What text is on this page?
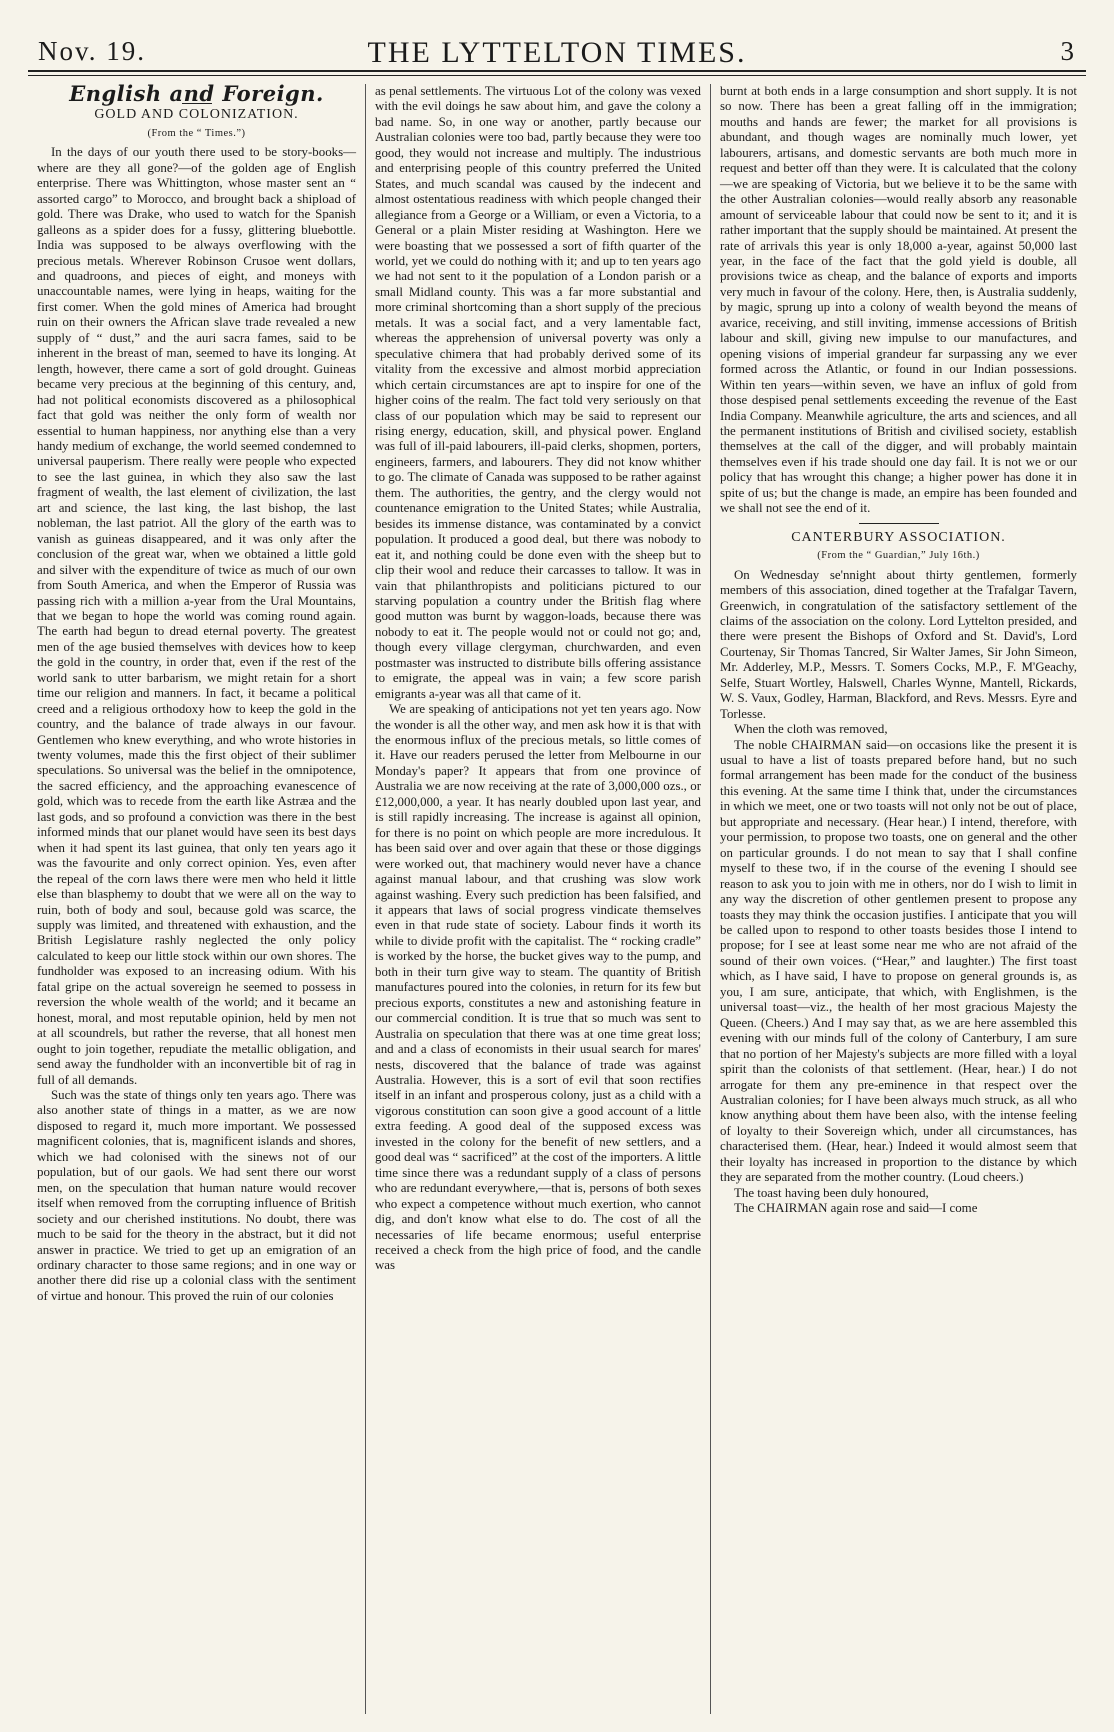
Nov. 19.	THE LYTTELTON TIMES.	3
English and Foreign.
GOLD AND COLONIZATION.
(From the “ Times.”)

In the days of our youth there used to be story-books—where are they all gone?—of the golden age of English enterprise. There was Whittington, whose master sent an “ assorted cargo” to Morocco, and brought back a shipload of gold. There was Drake, who used to watch for the Spanish galleons as a spider does for a fussy, glittering bluebottle. India was supposed to be always overflowing with the precious metals. Wherever Robinson Crusoe went dollars, and quadroons, and pieces of eight, and moneys with unaccountable names, were lying in heaps, waiting for the first comer. When the gold mines of America had brought ruin on their owners the African slave trade revealed a new supply of “ dust,” and the auri sacra fames, said to be inherent in the breast of man, seemed to have its longing. At length, however, there came a sort of gold drought. Guineas became very precious at the beginning of this century, and, had not political economists discovered as a philosophical fact that gold was neither the only form of wealth nor essential to human happiness, nor anything else than a very handy medium of exchange, the world seemed condemned to universal pauperism. There really were people who expected to see the last guinea, in which they also saw the last fragment of wealth, the last element of civilization, the last art and science, the last king, the last bishop, the last nobleman, the last patriot. All the glory of the earth was to vanish as guineas disappeared, and it was only after the conclusion of the great war, when we obtained a little gold and silver with the expenditure of twice as much of our own from South America, and when the Emperor of Russia was passing rich with a million a-year from the Ural Mountains, that we began to hope the world was coming round again. The earth had begun to dread eternal poverty. The greatest men of the age busied themselves with devices how to keep the gold in the country, in order that, even if the rest of the world sank to utter barbarism, we might retain for a short time our religion and manners. In fact, it became a political creed and a religious orthodoxy how to keep the gold in the country, and the balance of trade always in our favour. Gentlemen who knew everything, and who wrote histories in twenty volumes, made this the first object of their sublimer speculations. So universal was the belief in the omnipotence, the sacred efficiency, and the approaching evanescence of gold, which was to recede from the earth like Astræa and the last gods, and so profound a conviction was there in the best informed minds that our planet would have seen its best days when it had spent its last guinea, that only ten years ago it was the favourite and only correct opinion. Yes, even after the repeal of the corn laws there were men who held it little else than blasphemy to doubt that we were all on the way to ruin, both of body and soul, because gold was scarce, the supply was limited, and threatened with exhaustion, and the British Legislature rashly neglected the only policy calculated to keep our little stock within our own shores. The fundholder was exposed to an increasing odium. With his fatal gripe on the actual sovereign he seemed to possess in reversion the whole wealth of the world; and it became an honest, moral, and most reputable opinion, held by men not at all scoundrels, but rather the reverse, that all honest men ought to join together, repudiate the metallic obligation, and send away the fundholder with an inconvertible bit of rag in full of all demands.

Such was the state of things only ten years ago. There was also another state of things in a matter, as we are now disposed to regard it, much more important. We possessed magnificent colonies, that is, magnificent islands and shores, which we had colonised with the sinews not of our population, but of our gaols. We had sent there our worst men, on the speculation that human nature would recover itself when removed from the corrupting influence of British society and our cherished institutions. No doubt, there was much to be said for the theory in the abstract, but it did not answer in practice. We tried to get up an emigration of an ordinary character to those same regions; and in one way or another there did rise up a colonial class with the sentiment of virtue and honour. This proved the ruin of our colonies

as penal settlements. The virtuous Lot of the colony was vexed with the evil doings he saw about him, and gave the colony a bad name. So, in one way or another, partly because our Australian colonies were too bad, partly because they were too good, they would not increase and multiply. The industrious and enterprising people of this country preferred the United States, and much scandal was caused by the indecent and almost ostentatious readiness with which people changed their allegiance from a George or a William, or even a Victoria, to a General or a plain Mister residing at Washington. Here we were boasting that we possessed a sort of fifth quarter of the world, yet we could do nothing with it; and up to ten years ago we had not sent to it the population of a London parish or a small Midland county. This was a far more substantial and more criminal shortcoming than a short supply of the precious metals. It was a social fact, and a very lamentable fact, whereas the apprehension of universal poverty was only a speculative chimera that had probably derived some of its vitality from the excessive and almost morbid appreciation which certain circumstances are apt to inspire for one of the higher coins of the realm. The fact told very seriously on that class of our population which may be said to represent our rising energy, education, skill, and physical power. England was full of ill-paid labourers, ill-paid clerks, shopmen, porters, engineers, farmers, and labourers. They did not know whither to go. The climate of Canada was supposed to be rather against them. The authorities, the gentry, and the clergy would not countenance emigration to the United States; while Australia, besides its immense distance, was contaminated by a convict population. It produced a good deal, but there was nobody to eat it, and nothing could be done even with the sheep but to clip their wool and reduce their carcasses to tallow. It was in vain that philanthropists and politicians pictured to our starving population a country under the British flag where good mutton was burnt by waggon-loads, because there was nobody to eat it. The people would not or could not go; and, though every village clergyman, churchwarden, and even postmaster was instructed to distribute bills offering assistance to emigrate, the appeal was in vain; a few score parish emigrants a-year was all that came of it.

We are speaking of anticipations not yet ten years ago. Now the wonder is all the other way, and men ask how it is that with the enormous influx of the precious metals, so little comes of it. Have our readers perused the letter from Melbourne in our Monday's paper? It appears that from one province of Australia we are now receiving at the rate of 3,000,000 ozs., or £12,000,000, a year. It has nearly doubled upon last year, and is still rapidly increasing. The increase is against all opinion, for there is no point on which people are more incredulous. It has been said over and over again that these or those diggings were worked out, that machinery would never have a chance against manual labour, and that crushing was slow work against washing. Every such prediction has been falsified, and it appears that laws of social progress vindicate themselves even in that rude state of society. Labour finds it worth its while to divide profit with the capitalist. The “ rocking cradle” is worked by the horse, the bucket gives way to the pump, and both in their turn give way to steam. The quantity of British manufactures poured into the colonies, in return for its few but precious exports, constitutes a new and astonishing feature in our commercial condition. It is true that so much was sent to Australia on speculation that there was at one time great loss; and and a class of economists in their usual search for mares' nests, discovered that the balance of trade was against Australia. However, this is a sort of evil that soon rectifies itself in an infant and prosperous colony, just as a child with a vigorous constitution can soon give a good account of a little extra feeding. A good deal of the supposed excess was invested in the colony for the benefit of new settlers, and a good deal was “ sacrificed” at the cost of the importers. A little time since there was a redundant supply of a class of persons who are redundant everywhere,—that is, persons of both sexes who expect a competence without much exertion, who cannot dig, and don't know what else to do. The cost of all the necessaries of life became enormous; useful enterprise received a check from the high price of food, and the candle was

burnt at both ends in a large consumption and short supply. It is not so now. There has been a great falling off in the immigration; mouths and hands are fewer; the market for all provisions is abundant, and though wages are nominally much lower, yet labourers, artisans, and domestic servants are both much more in request and better off than they were. It is calculated that the colony—we are speaking of Victoria, but we believe it to be the same with the other Australian colonies—would really absorb any reasonable amount of serviceable labour that could now be sent to it; and it is rather important that the supply should be maintained. At present the rate of arrivals this year is only 18,000 a-year, against 50,000 last year, in the face of the fact that the gold yield is double, all provisions twice as cheap, and the balance of exports and imports very much in favour of the colony. Here, then, is Australia suddenly, by magic, sprung up into a colony of wealth beyond the means of avarice, receiving, and still inviting, immense accessions of British labour and skill, giving new impulse to our manufactures, and opening visions of imperial grandeur far surpassing any we ever formed across the Atlantic, or found in our Indian possessions. Within ten years—within seven, we have an influx of gold from those despised penal settlements exceeding the revenue of the East India Company. Meanwhile agriculture, the arts and sciences, and all the permanent institutions of British and civilised society, establish themselves at the call of the digger, and will probably maintain themselves even if his trade should one day fail. It is not we or our policy that has wrought this change; a higher power has done it in spite of us; but the change is made, an empire has been founded and we shall not see the end of it.

CANTERBURY ASSOCIATION.
(From the “ Guardian,” July 16th.)

On Wednesday se'nnight about thirty gentlemen, formerly members of this association, dined together at the Trafalgar Tavern, Greenwich, in congratulation of the satisfactory settlement of the claims of the association on the colony. Lord Lyttelton presided, and there were present the Bishops of Oxford and St. David's, Lord Courtenay, Sir Thomas Tancred, Sir Walter James, Sir John Simeon, Mr. Adderley, M.P., Messrs. T. Somers Cocks, M.P., F. M'Geachy, Selfe, Stuart Wortley, Halswell, Charles Wynne, Mantell, Rickards, W. S. Vaux, Godley, Harman, Blackford, and Revs. Messrs. Eyre and Torlesse.

When the cloth was removed,

The noble CHAIRMAN said—on occasions like the present it is usual to have a list of toasts prepared before hand, but no such formal arrangement has been made for the conduct of the business this evening. At the same time I think that, under the circumstances in which we meet, one or two toasts will not only not be out of place, but appropriate and necessary. (Hear hear.) I intend, therefore, with your permission, to propose two toasts, one on general and the other on particular grounds. I do not mean to say that I shall confine myself to these two, if in the course of the evening I should see reason to ask you to join with me in others, nor do I wish to limit in any way the discretion of other gentlemen present to propose any toasts they may think the occasion justifies. I anticipate that you will be called upon to respond to other toasts besides those I intend to propose; for I see at least some near me who are not afraid of the sound of their own voices. (“Hear,” and laughter.) The first toast which, as I have said, I have to propose on general grounds is, as you, I am sure, anticipate, that which, with Englishmen, is the universal toast—viz., the health of her most gracious Majesty the Queen. (Cheers.) And I may say that, as we are here assembled this evening with our minds full of the colony of Canterbury, I am sure that no portion of her Majesty's subjects are more filled with a loyal spirit than the colonists of that settlement. (Hear, hear.) I do not arrogate for them any pre-eminence in that respect over the Australian colonies; for I have been always much struck, as all who know anything about them have been also, with the intense feeling of loyalty to their Sovereign which, under all circumstances, has characterised them. (Hear, hear.) Indeed it would almost seem that their loyalty has increased in proportion to the distance by which they are separated from the mother country. (Loud cheers.)

The toast having been duly honoured,

The CHAIRMAN again rose and said—I come
